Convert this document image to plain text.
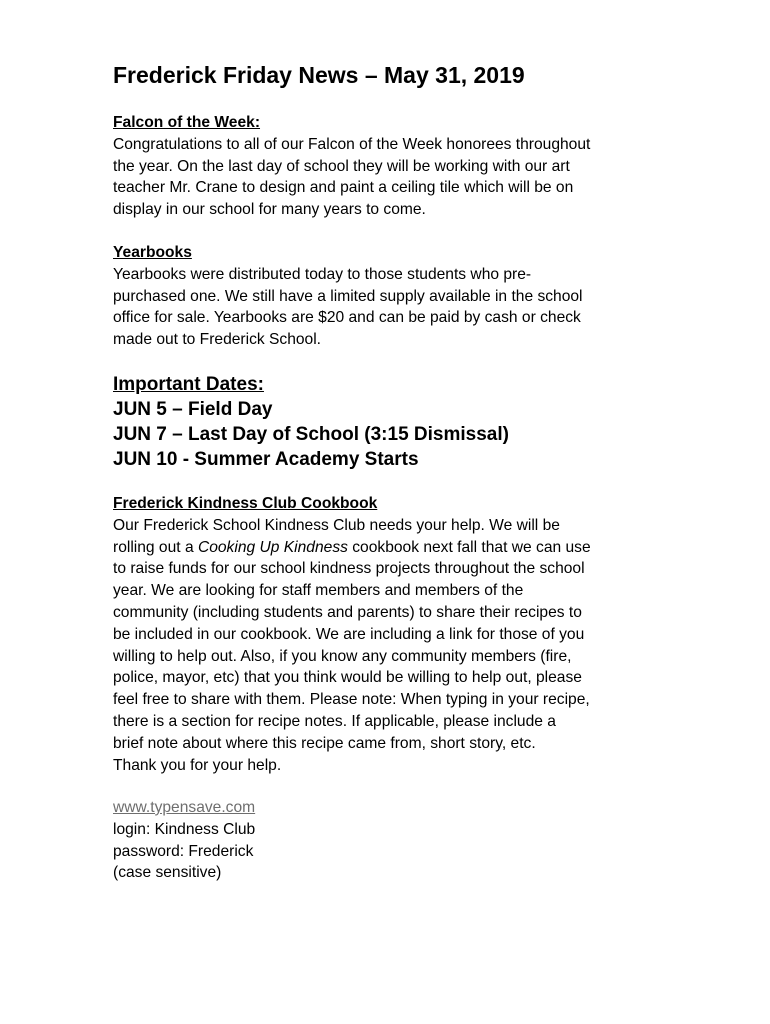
Frederick Friday News – May 31, 2019
Falcon of the Week:
Congratulations to all of our Falcon of the Week honorees throughout
the year. On the last day of school they will be working with our art
teacher Mr. Crane to design and paint a ceiling tile which will be on
display in our school for many years to come.
Yearbooks
Yearbooks were distributed today to those students who pre-
purchased one. We still have a limited supply available in the school
office for sale. Yearbooks are $20 and can be paid by cash or check
made out to Frederick School.
Important Dates:
JUN 5 – Field Day
JUN 7 – Last Day of School (3:15 Dismissal)
JUN 10 - Summer Academy Starts
Frederick Kindness Club Cookbook
Our Frederick School Kindness Club needs your help. We will be
rolling out a Cooking Up Kindness cookbook next fall that we can use
to raise funds for our school kindness projects throughout the school
year. We are looking for staff members and members of the
community (including students and parents) to share their recipes to
be included in our cookbook. We are including a link for those of you
willing to help out. Also, if you know any community members (fire,
police, mayor, etc) that you think would be willing to help out, please
feel free to share with them. Please note: When typing in your recipe,
there is a section for recipe notes. If applicable, please include a
brief note about where this recipe came from, short story, etc.
Thank you for your help.
www.typensave.com
login: Kindness Club
password: Frederick
(case sensitive)
